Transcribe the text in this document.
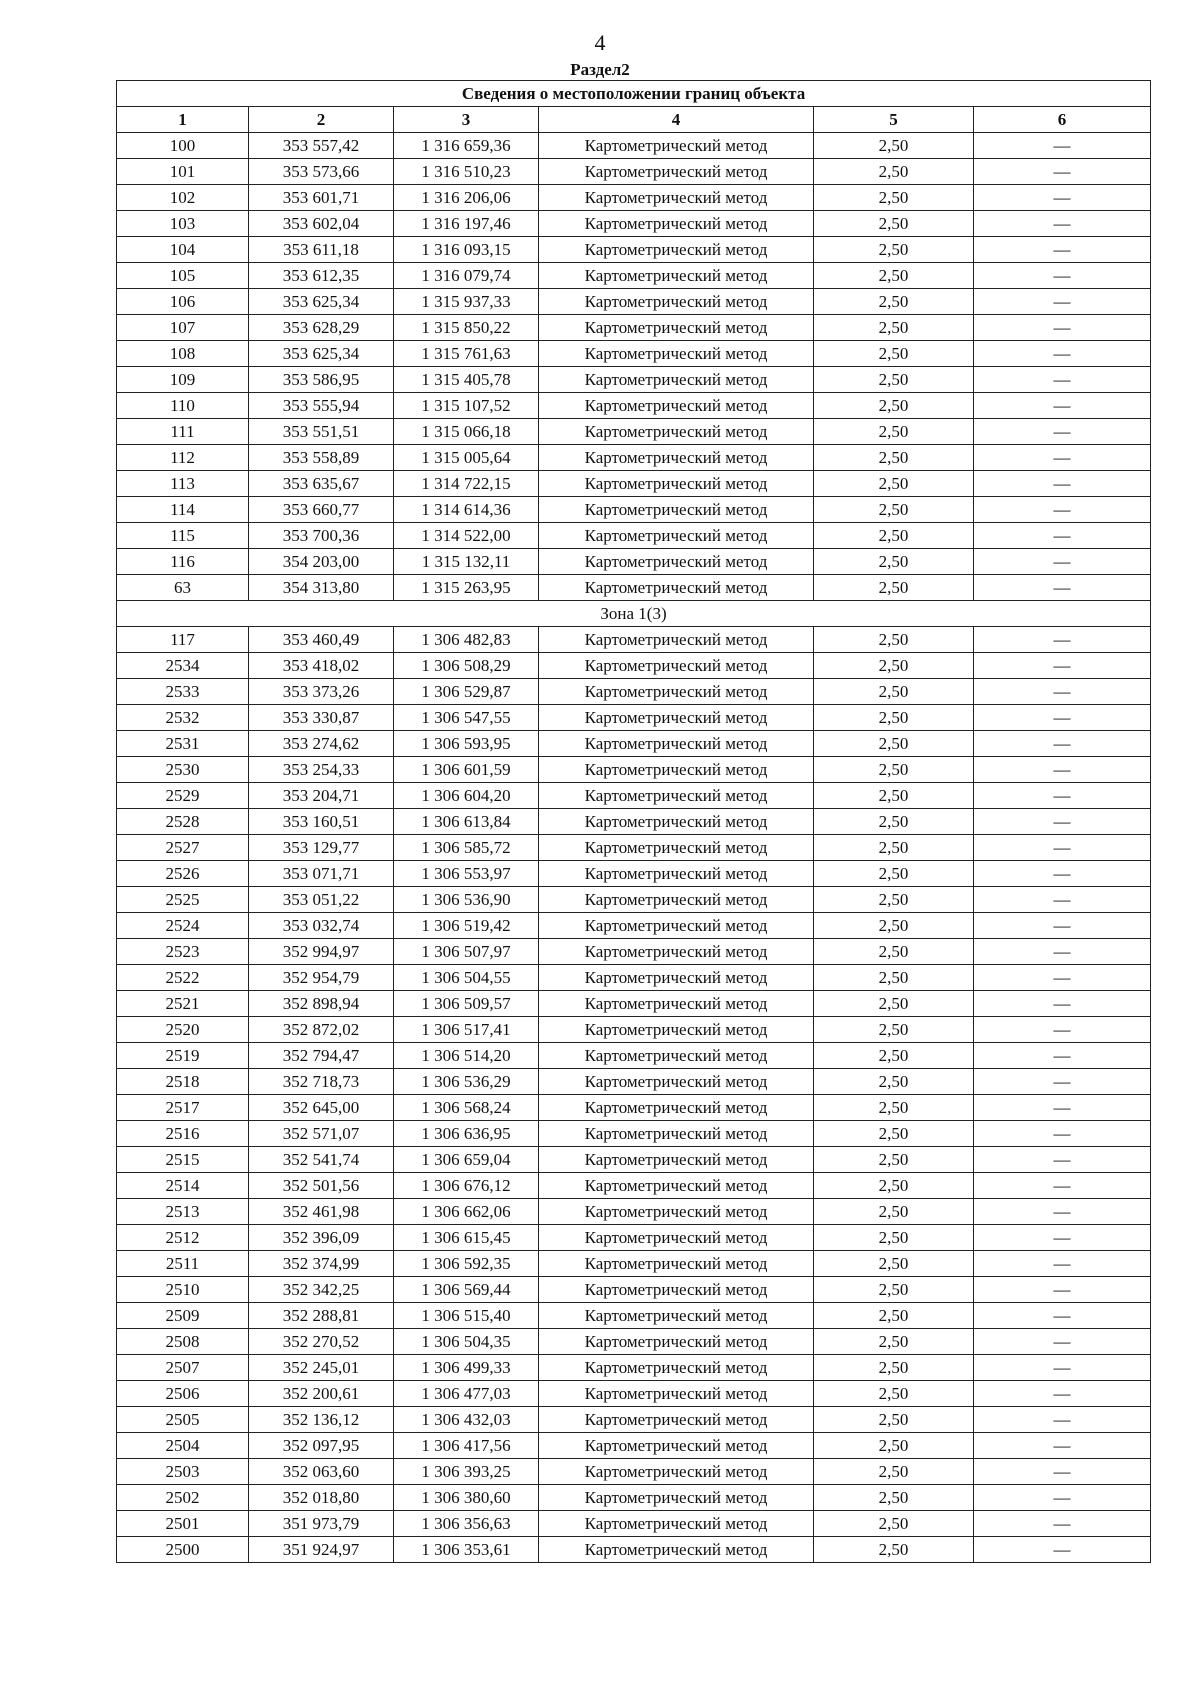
4
Раздел2
Сведения о местоположении границ объекта					
1	2	3	4	5	6
100	353 557,42	1 316 659,36	Картометрический метод	2,50	—
101	353 573,66	1 316 510,23	Картометрический метод	2,50	—
102	353 601,71	1 316 206,06	Картометрический метод	2,50	—
103	353 602,04	1 316 197,46	Картометрический метод	2,50	—
104	353 611,18	1 316 093,15	Картометрический метод	2,50	—
105	353 612,35	1 316 079,74	Картометрический метод	2,50	—
106	353 625,34	1 315 937,33	Картометрический метод	2,50	—
107	353 628,29	1 315 850,22	Картометрический метод	2,50	—
108	353 625,34	1 315 761,63	Картометрический метод	2,50	—
109	353 586,95	1 315 405,78	Картометрический метод	2,50	—
110	353 555,94	1 315 107,52	Картометрический метод	2,50	—
111	353 551,51	1 315 066,18	Картометрический метод	2,50	—
112	353 558,89	1 315 005,64	Картометрический метод	2,50	—
113	353 635,67	1 314 722,15	Картометрический метод	2,50	—
114	353 660,77	1 314 614,36	Картометрический метод	2,50	—
115	353 700,36	1 314 522,00	Картометрический метод	2,50	—
116	354 203,00	1 315 132,11	Картометрический метод	2,50	—
63	354 313,80	1 315 263,95	Картометрический метод	2,50	—
Зона 1(3)					
117	353 460,49	1 306 482,83	Картометрический метод	2,50	—
2534	353 418,02	1 306 508,29	Картометрический метод	2,50	—
2533	353 373,26	1 306 529,87	Картометрический метод	2,50	—
2532	353 330,87	1 306 547,55	Картометрический метод	2,50	—
2531	353 274,62	1 306 593,95	Картометрический метод	2,50	—
2530	353 254,33	1 306 601,59	Картометрический метод	2,50	—
2529	353 204,71	1 306 604,20	Картометрический метод	2,50	—
2528	353 160,51	1 306 613,84	Картометрический метод	2,50	—
2527	353 129,77	1 306 585,72	Картометрический метод	2,50	—
2526	353 071,71	1 306 553,97	Картометрический метод	2,50	—
2525	353 051,22	1 306 536,90	Картометрический метод	2,50	—
2524	353 032,74	1 306 519,42	Картометрический метод	2,50	—
2523	352 994,97	1 306 507,97	Картометрический метод	2,50	—
2522	352 954,79	1 306 504,55	Картометрический метод	2,50	—
2521	352 898,94	1 306 509,57	Картометрический метод	2,50	—
2520	352 872,02	1 306 517,41	Картометрический метод	2,50	—
2519	352 794,47	1 306 514,20	Картометрический метод	2,50	—
2518	352 718,73	1 306 536,29	Картометрический метод	2,50	—
2517	352 645,00	1 306 568,24	Картометрический метод	2,50	—
2516	352 571,07	1 306 636,95	Картометрический метод	2,50	—
2515	352 541,74	1 306 659,04	Картометрический метод	2,50	—
2514	352 501,56	1 306 676,12	Картометрический метод	2,50	—
2513	352 461,98	1 306 662,06	Картометрический метод	2,50	—
2512	352 396,09	1 306 615,45	Картометрический метод	2,50	—
2511	352 374,99	1 306 592,35	Картометрический метод	2,50	—
2510	352 342,25	1 306 569,44	Картометрический метод	2,50	—
2509	352 288,81	1 306 515,40	Картометрический метод	2,50	—
2508	352 270,52	1 306 504,35	Картометрический метод	2,50	—
2507	352 245,01	1 306 499,33	Картометрический метод	2,50	—
2506	352 200,61	1 306 477,03	Картометрический метод	2,50	—
2505	352 136,12	1 306 432,03	Картометрический метод	2,50	—
2504	352 097,95	1 306 417,56	Картометрический метод	2,50	—
2503	352 063,60	1 306 393,25	Картометрический метод	2,50	—
2502	352 018,80	1 306 380,60	Картометрический метод	2,50	—
2501	351 973,79	1 306 356,63	Картометрический метод	2,50	—
2500	351 924,97	1 306 353,61	Картометрический метод	2,50	—
